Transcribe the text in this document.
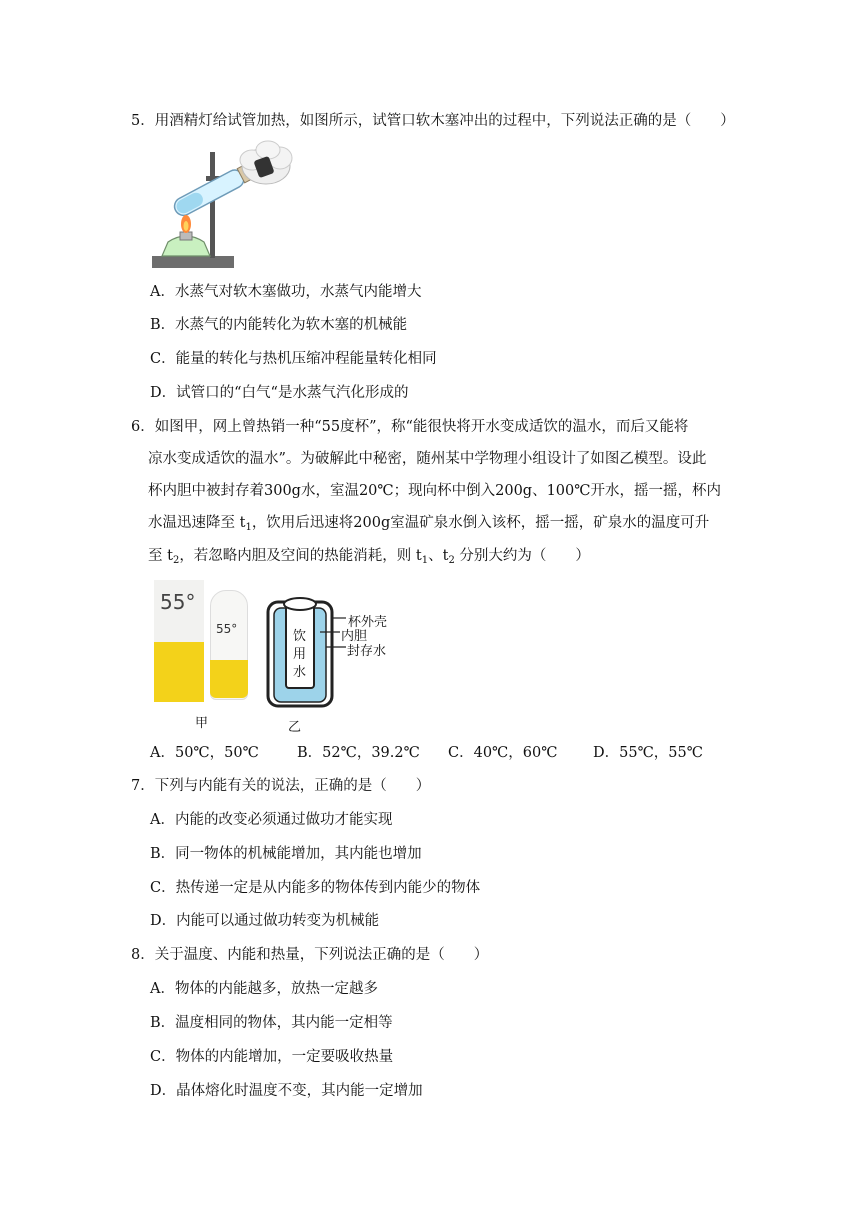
5．用酒精灯给试管加热，如图所示，试管口软木塞冲出的过程中，下列说法正确的是（　　）
A．水蒸气对软木塞做功，水蒸气内能增大
B．水蒸气的内能转化为软木塞的机械能
C．能量的转化与热机压缩冲程能量转化相同
D．试管口的“白气“是水蒸气汽化形成的
6．如图甲，网上曾热销一种“55度杯”，称“能很快将开水变成适饮的温水，而后又能将
凉水变成适饮的温水”。为破解此中秘密，随州某中学物理小组设计了如图乙模型。设此
杯内胆中被封存着300g水，室温20℃；现向杯中倒入200g、100℃开水，摇一摇，杯内
水温迅速降至 $t_1$，饮用后迅速将200g室温矿泉水倒入该杯，摇一摇，矿泉水的温度可升
至 $t_2$，若忽略内胆及空间的热能消耗，则 $t_1$、$t_2$ 分别大约为（　　）
55°
55°
甲
饮
用
水
杯外壳
内胆
封存水
乙
A．50℃，50℃	B．52℃，39.2℃ C．40℃，60℃ D．55℃，55℃
7．下列与内能有关的说法，正确的是（　　）
A．内能的改变必须通过做功才能实现
B．同一物体的机械能增加，其内能也增加
C．热传递一定是从内能多的物体传到内能少的物体
D．内能可以通过做功转变为机械能
8．关于温度、内能和热量，下列说法正确的是（　　）
A．物体的内能越多，放热一定越多
B．温度相同的物体，其内能一定相等
C．物体的内能增加，一定要吸收热量
D．晶体熔化时温度不变，其内能一定增加
